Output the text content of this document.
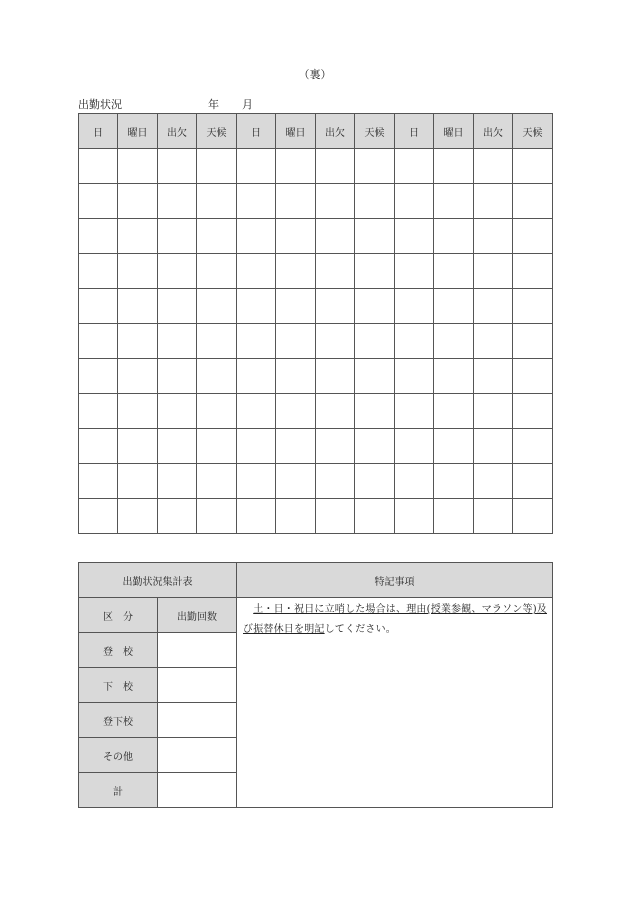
（裏）
出勤状況	年 月
日	曜日	出欠	天候	日	曜日	出欠	天候	日	曜日	出欠	天候

出勤状況集計表		特記事項
区　分	出勤回数	
　土・日・祝日に立哨した場合は、理由(授業参観、マラソン等)及び振替休日を明記してください。

登　校		
下　校		
登下校		
その他		
計		
